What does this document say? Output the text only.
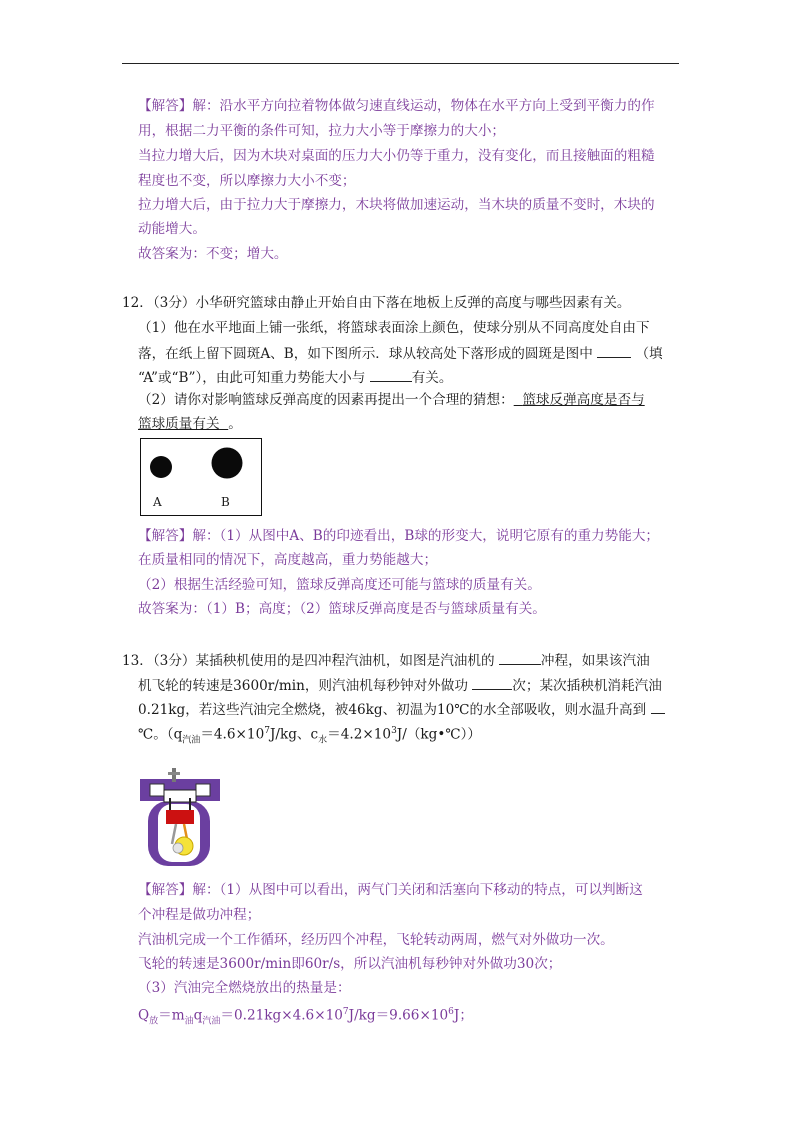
【解答】解：沿水平方向拉着物体做匀速直线运动，物体在水平方向上受到平衡力的作
用，根据二力平衡的条件可知，拉力大小等于摩擦力的大小；
当拉力增大后，因为木块对桌面的压力大小仍等于重力，没有变化，而且接触面的粗糙
程度也不变，所以摩擦力大小不变；
拉力增大后，由于拉力大于摩擦力，木块将做加速运动，当木块的质量不变时，木块的
动能增大。
故答案为：不变；增大。
12．（3分）小华研究篮球由静止开始自由下落在地板上反弹的高度与哪些因素有关。
（1）他在水平地面上铺一张纸，将篮球表面涂上颜色，使球分别从不同高度处自由下
落，在纸上留下圆斑A、B，如下图所示．球从较高处下落形成的圆斑是图中	（填
“A”或“B”），由此可知重力势能大小与	有关。
（2）请你对影响篮球反弹高度的因素再提出一个合理的猜想： 篮球反弹高度是否与
篮球质量有关 。
A	B
【解答】解：（1）从图中A、B的印迹看出，B球的形变大，说明它原有的重力势能大；
在质量相同的情况下，高度越高，重力势能越大；
（2）根据生活经验可知，篮球反弹高度还可能与篮球的质量有关。
故答案为：（1）B；高度；（2）篮球反弹高度是否与篮球质量有关。
13．（3分）某插秧机使用的是四冲程汽油机，如图是汽油机的	冲程，如果该汽油
机飞轮的转速是3600r/min，则汽油机每秒钟对外做功	次；某次插秧机消耗汽油
0.21kg，若这些汽油完全燃烧，被46kg、初温为10℃的水全部吸收，则水温升高到
℃。（$q_{汽油}=4.6\times 10^7J/kg$、$c_水=4.2\times 10^3J/(kg•℃)$）
【解答】解：（1）从图中可以看出，两气门关闭和活塞向下移动的特点，可以判断这
个冲程是做功冲程；
汽油机完成一个工作循环，经历四个冲程，飞轮转动两周，燃气对外做功一次。
飞轮的转速是3600r/min即60r/s，所以汽油机每秒钟对外做功30次；
（3）汽油完全燃烧放出的热量是：
$Q_放=m_油q_{汽油}=0.21kg\times 4.6\times 10^7J/kg=9.66\times 10^6J$；
